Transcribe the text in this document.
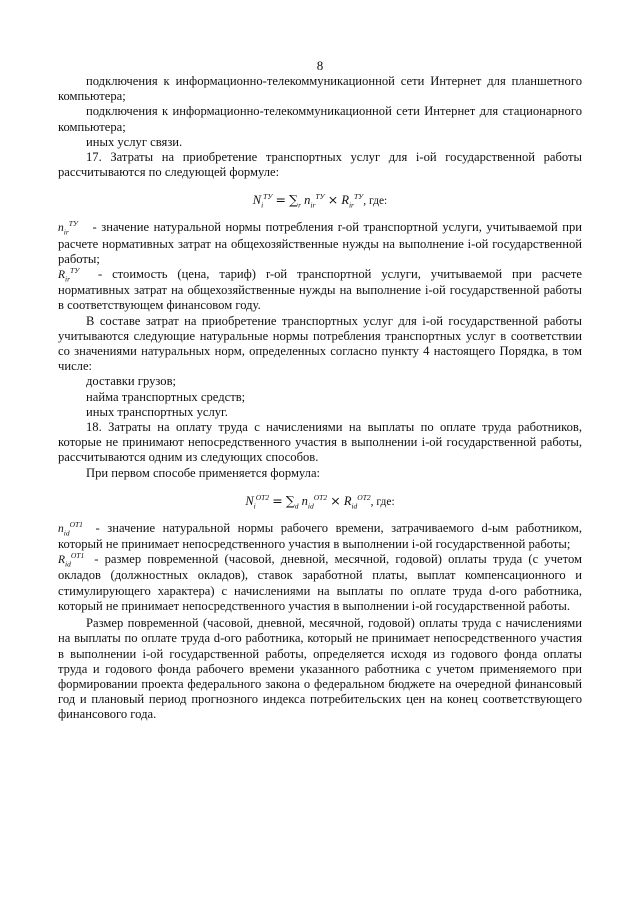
8

подключения к информационно-телекоммуникационной сети Интернет для планшетного компьютера;

подключения к информационно-телекоммуникационной сети Интернет для стационарного компьютера;

иных услуг связи.

17. Затраты на приобретение транспортных услуг для i-ой государственной работы рассчитываются по следующей формуле:

$N_i^{ТУ} = \sum_r$ $n_{ir}^{ТУ} \times R_{ir}^{ТУ}$, где:

$n_{ir}^{ТУ}$ - значение натуральной нормы потребления r-ой транспортной услуги, учитываемой при расчете нормативных затрат на общехозяйственные нужды на выполнение i-ой государственной работы;

$R_{ir}^{ТУ}$ - стоимость (цена, тариф) r-ой транспортной услуги, учитываемой при расчете нормативных затрат на общехозяйственные нужды на выполнение i-ой государственной работы в соответствующем финансовом году.

В составе затрат на приобретение транспортных услуг для i-ой государственной работы учитываются следующие натуральные нормы потребления транспортных услуг в соответствии со значениями натуральных норм, определенных согласно пункту 4 настоящего Порядка, в том числе:

доставки грузов;

найма транспортных средств;

иных транспортных услуг.

18. Затраты на оплату труда с начислениями на выплаты по оплате труда работников, которые не принимают непосредственного участия в выполнении i-ой государственной работы, рассчитываются одним из следующих способов.

При первом способе применяется формула:

$N_i^{ОТ2} = \sum_d$ $n_{id}^{ОТ2} \times R_{id}^{ОТ2}$, где:

$n_{id}^{ОТ1}$ - значение натуральной нормы рабочего времени, затрачиваемого d-ым работником, который не принимает непосредственного участия в выполнении i-ой государственной работы;

$R_{id}^{ОТ1}$ - размер повременной (часовой, дневной, месячной, годовой) оплаты труда (с учетом окладов (должностных окладов), ставок заработной платы, выплат компенсационного и стимулирующего характера) с начислениями на выплаты по оплате труда d-ого работника, который не принимает непосредственного участия в выполнении i-ой государственной работы.

Размер повременной (часовой, дневной, месячной, годовой) оплаты труда с начислениями на выплаты по оплате труда d-ого работника, который не принимает непосредственного участия в выполнении i-ой государственной работы, определяется исходя из годового фонда оплаты труда и годового фонда рабочего времени указанного работника с учетом применяемого при формировании проекта федерального закона о федеральном бюджете на очередной финансовый год и плановый период прогнозного индекса потребительских цен на конец соответствующего финансового года.
